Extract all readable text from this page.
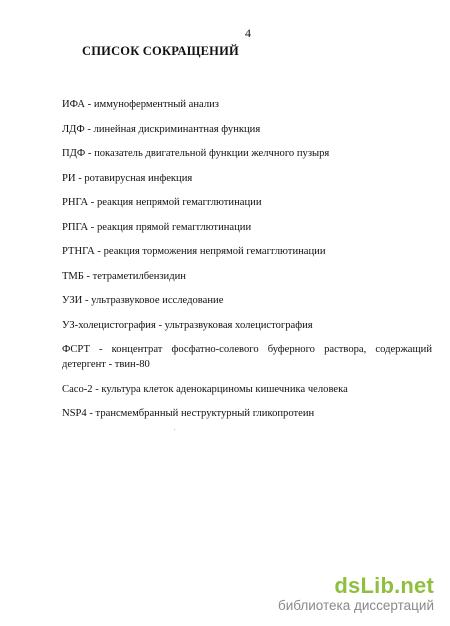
4
СПИСОК СОКРАЩЕНИЙ
ИФА - иммуноферментный анализ
ЛДФ - линейная дискриминантная функция
ПДФ - показатель двигательной функции желчного пузыря
РИ - ротавирусная инфекция
РНГА - реакция непрямой гемагглютинации
РПГА - реакция прямой гемагглютинации
РТНГА - реакция торможения непрямой гемагглютинации
ТМБ - тетраметилбензидин
УЗИ - ультразвуковое исследование
УЗ-холецистография - ультразвуковая холецистография
ФСРТ - концентрат фосфатно-солевого буферного раствора, содержащий
детергент - твин-80
Caco-2 - культура клеток аденокарциномы кишечника человека
NSP4 - трансмембранный неструктурный гликопротеин
dsLib.net
библиотека диссертаций
